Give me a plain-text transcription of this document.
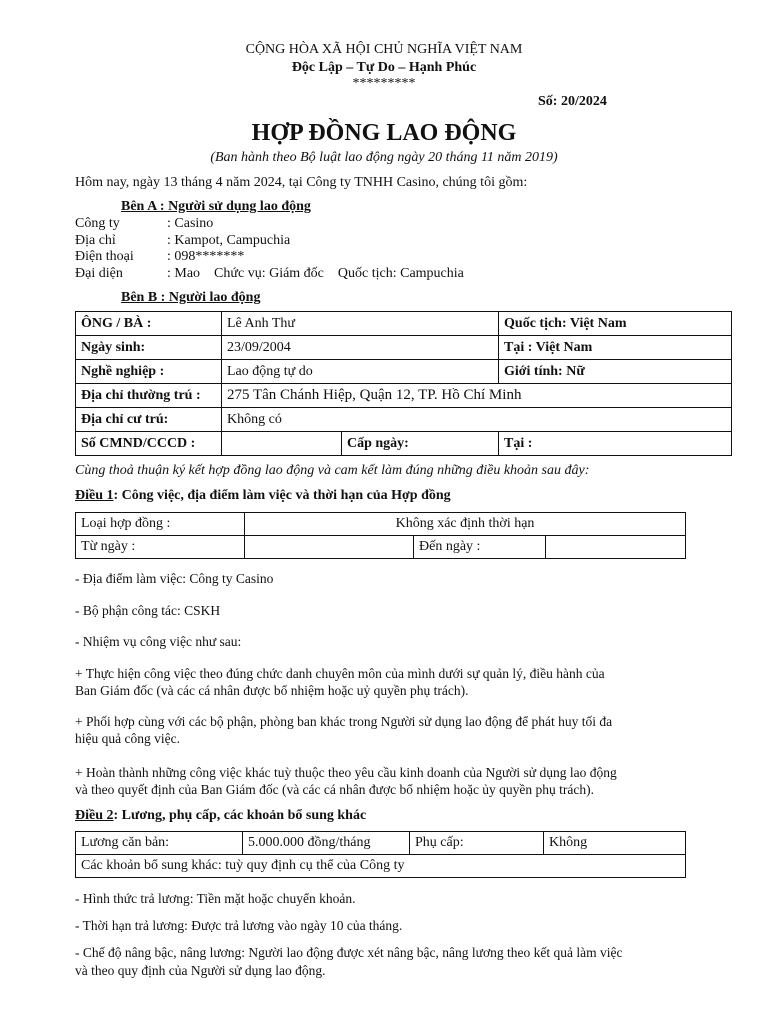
CỘNG HÒA XÃ HỘI CHỦ NGHĨA VIỆT NAM
Độc Lập – Tự Do – Hạnh Phúc
*********
Số: 20/2024
HỢP ĐỒNG LAO ĐỘNG
(Ban hành theo Bộ luật lao động ngày 20 tháng 11 năm 2019)
Hôm nay, ngày 13 tháng 4 năm 2024, tại Công ty TNHH Casino, chúng tôi gồm:
Bên A : Người sử dụng lao động
Công ty	: Casino
Địa chỉ	: Kampot, Campuchia
Điện thoại : 098*******
Đại diện	: Mao    Chức vụ: Giám đốc    Quốc tịch: Campuchia
Bên B : Người lao động
ÔNG / BÀ :	Lê Anh Thư		Quốc tịch: Việt Nam
Ngày sinh:	23/09/2004		Tại : Việt Nam
Nghề nghiệp :	Lao động tự do		Giới tính: Nữ
Địa chỉ thường trú :	275 Tân Chánh Hiệp, Quận 12, TP. Hồ Chí Minh		
Địa chỉ cư trú:	Không có		
Số CMND/CCCD :		Cấp ngày:	Tại :
Cùng thoả thuận ký kết hợp đồng lao động và cam kết làm đúng những điều khoản sau đây:
Điều 1: Công việc, địa điểm làm việc và thời hạn của Hợp đồng
Loại hợp đồng :	Không xác định thời hạn		
Từ ngày :		Đến ngày :	
- Địa điểm làm việc: Công ty Casino
- Bộ phận công tác: CSKH
- Nhiệm vụ công việc như sau:
+ Thực hiện công việc theo đúng chức danh chuyên môn của mình dưới sự quản lý, điều hành của
Ban Giám đốc (và các cá nhân được bổ nhiệm hoặc uỷ quyền phụ trách).
+ Phối hợp cùng với các bộ phận, phòng ban khác trong Người sử dụng lao động để phát huy tối đa
hiệu quả công việc.
+ Hoàn thành những công việc khác tuỳ thuộc theo yêu cầu kinh doanh của Người sử dụng lao động
và theo quyết định của Ban Giám đốc (và các cá nhân được bổ nhiệm hoặc ủy quyền phụ trách).
Điều 2: Lương, phụ cấp, các khoản bổ sung khác
Lương căn bản:	5.000.000 đồng/tháng	Phụ cấp:	Không
Các khoản bổ sung khác: tuỳ quy định cụ thể của Công ty
- Hình thức trả lương: Tiền mặt hoặc chuyển khoản.
- Thời hạn trả lương: Được trả lương vào ngày 10 của tháng.
- Chế độ nâng bậc, nâng lương: Người lao động được xét nâng bậc, nâng lương theo kết quả làm việc
và theo quy định của Người sử dụng lao động.
